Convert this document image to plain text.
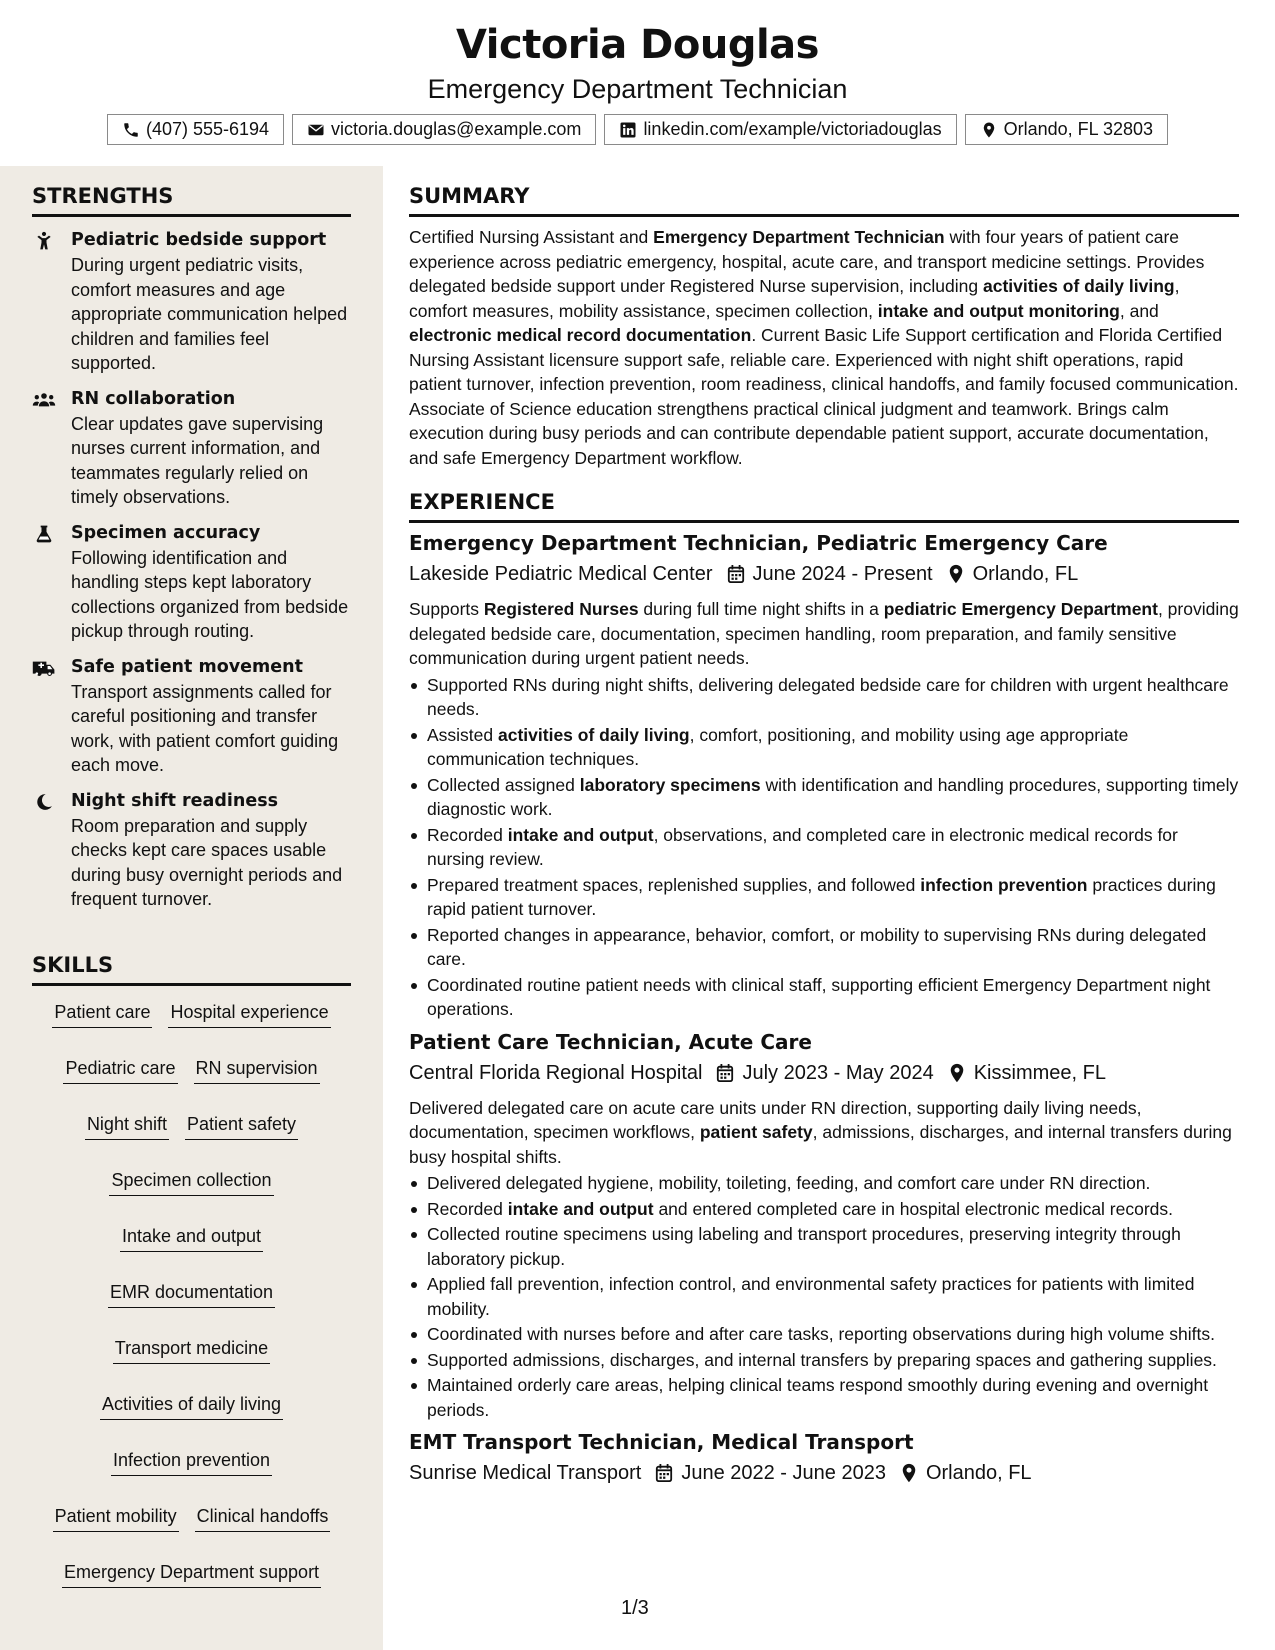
Victoria Douglas
Emergency Department Technician
(407) 555-6194	victoria.douglas@example.com	linkedin.com/example/victoriadouglas	Orlando, FL 32803
STRENGTHS
Pediatric bedside support
During urgent pediatric visits, comfort measures and age appropriate communication helped children and families feel supported.
RN collaboration
Clear updates gave supervising nurses current information, and teammates regularly relied on timely observations.
Specimen accuracy
Following identification and handling steps kept laboratory collections organized from bedside pickup through routing.
Safe patient movement
Transport assignments called for careful positioning and transfer work, with patient comfort guiding each move.
Night shift readiness
Room preparation and supply checks kept care spaces usable during busy overnight periods and frequent turnover.
SKILLS
Patient care Hospital experience
Pediatric care RN supervision
Night shift Patient safety
Specimen collection
Intake and output
EMR documentation
Transport medicine
Activities of daily living
Infection prevention
Patient mobility Clinical handoffs
Emergency Department support
SUMMARY

Certified Nursing Assistant and Emergency Department Technician with four years of patient care experience across pediatric emergency, hospital, acute care, and transport medicine settings. Provides delegated bedside support under Registered Nurse supervision, including activities of daily living, comfort measures, mobility assistance, specimen collection, intake and output monitoring, and electronic medical record documentation. Current Basic Life Support certification and Florida Certified Nursing Assistant licensure support safe, reliable care. Experienced with night shift operations, rapid patient turnover, infection prevention, room readiness, clinical handoffs, and family focused communication. Associate of Science education strengthens practical clinical judgment and teamwork. Brings calm execution during busy periods and can contribute dependable patient support, accurate documentation, and safe Emergency Department workflow.

EXPERIENCE
Emergency Department Technician, Pediatric Emergency Care
Lakeside Pediatric Medical Center June 2024 - Present Orlando, FL

Supports Registered Nurses during full time night shifts in a pediatric Emergency Department, providing delegated bedside care, documentation, specimen handling, room preparation, and family sensitive communication during urgent patient needs.

Supported RNs during night shifts, delivering delegated bedside care for children with urgent healthcare needs.
Assisted activities of daily living, comfort, positioning, and mobility using age appropriate communication techniques.
Collected assigned laboratory specimens with identification and handling procedures, supporting timely diagnostic work.
Recorded intake and output, observations, and completed care in electronic medical records for nursing review.
Prepared treatment spaces, replenished supplies, and followed infection prevention practices during rapid patient turnover.
Reported changes in appearance, behavior, comfort, or mobility to supervising RNs during delegated care.
Coordinated routine patient needs with clinical staff, supporting efficient Emergency Department night operations.
Patient Care Technician, Acute Care
Central Florida Regional Hospital July 2023 - May 2024 Kissimmee, FL

Delivered delegated care on acute care units under RN direction, supporting daily living needs, documentation, specimen workflows, patient safety, admissions, discharges, and internal transfers during busy hospital shifts.

Delivered delegated hygiene, mobility, toileting, feeding, and comfort care under RN direction.
Recorded intake and output and entered completed care in hospital electronic medical records.
Collected routine specimens using labeling and transport procedures, preserving integrity through laboratory pickup.
Applied fall prevention, infection control, and environmental safety practices for patients with limited mobility.
Coordinated with nurses before and after care tasks, reporting observations during high volume shifts.
Supported admissions, discharges, and internal transfers by preparing spaces and gathering supplies.
Maintained orderly care areas, helping clinical teams respond smoothly during evening and overnight periods.
EMT Transport Technician, Medical Transport
Sunrise Medical Transport June 2022 - June 2023 Orlando, FL
1/3
